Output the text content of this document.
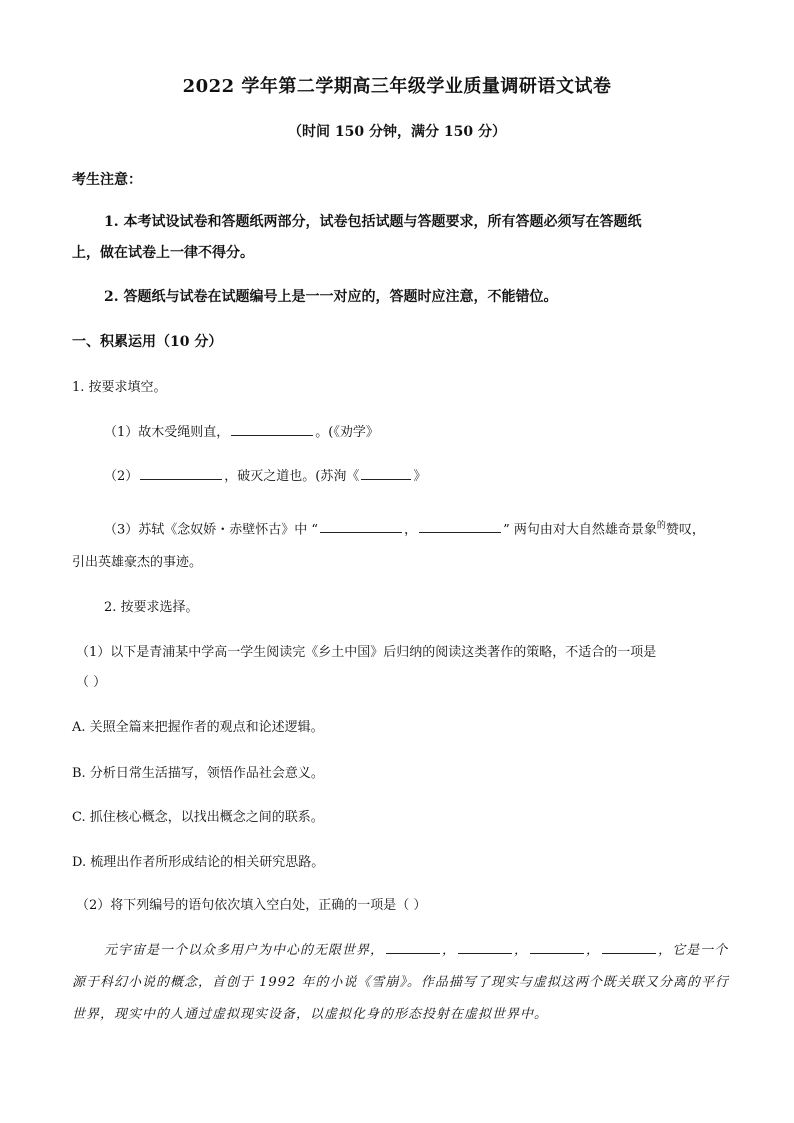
2022 学年第二学期高三年级学业质量调研语文试卷
（时间 150 分钟，满分 150 分）
考生注意：
1. 本考试设试卷和答题纸两部分，试卷包括试题与答题要求，所有答题必须写在答题纸
上，做在试卷上一律不得分。
2. 答题纸与试卷在试题编号上是一一对应的，答题时应注意，不能错位。
一、积累运用（10 分）
1. 按要求填空。
（1）故木受绳则直，	。(《劝学》
（2）	，破灭之道也。(苏洵《	》
（3）苏轼《念奴娇・赤壁怀古》中 “	，	” 两句由对大自然雄奇景象$^的$赞叹，
引出英雄豪杰的事迹。
2. 按要求选择。
（1）以下是青浦某中学高一学生阅读完《乡土中国》后归纳的阅读这类著作的策略，不适合的一项是
（ ）
A. 关照全篇来把握作者的观点和论述逻辑。
B. 分析日常生活描写，领悟作品社会意义。
C. 抓住核心概念，以找出概念之间的联系。
D. 梳理出作者所形成结论的相关研究思路。
（2）将下列编号的语句依次填入空白处，正确的一项是（ ）
元宇宙是一个以众多用户为中心的无限世界，	，	，	，	，它是一个
源于科幻小说的概念，首创于 1992 年的小说《雪崩》。作品描写了现实与虚拟这两个既关联又分离的平行
世界，现实中的人通过虚拟现实设备，以虚拟化身的形态投射在虚拟世界中。
